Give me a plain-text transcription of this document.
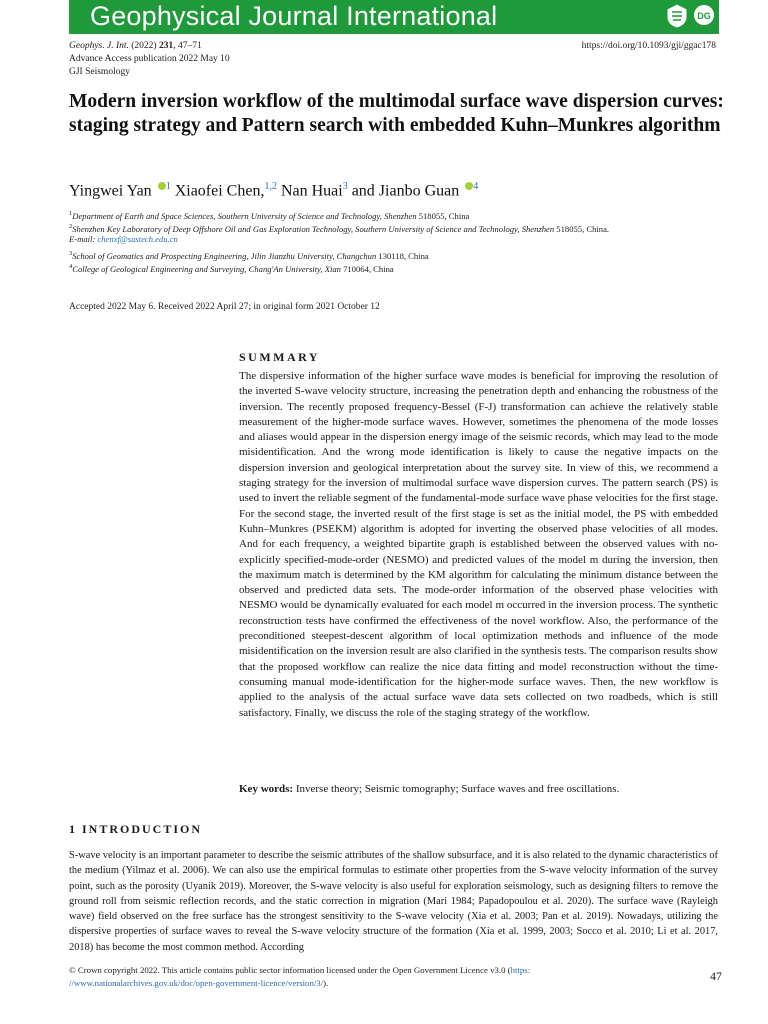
Geophysical Journal International	DG
Geophys. J. Int. (2022) 231, 47–71
Advance Access publication 2022 May 10
GJI Seismology
https://doi.org/10.1093/gji/ggac178
Modern inversion workflow of the multimodal surface wave dispersion curves: staging strategy and Pattern search with embedded Kuhn–Munkres algorithm
Yingwei Yan $^1$ Xiaofei Chen,$^{1,2}$ Nan Huai$^3$ and Jianbo Guan $^4$
$^1$Department of Earth and Space Sciences, Southern University of Science and Technology, Shenzhen 518055, China
$^2$Shenzhen Key Laboratory of Deep Offshore Oil and Gas Exploration Technology, Southern University of Science and Technology, Shenzhen 518055, China.
E-mail: chenxf@sustech.edu.cn
$^3$School of Geomatics and Prospecting Engineering, Jilin Jianzhu University, Changchun 130118, China
$^4$College of Geological Engineering and Surveying, Chang'An University, Xian 710064, China
Accepted 2022 May 6. Received 2022 April 27; in original form 2021 October 12
SUMMARY

The dispersive information of the higher surface wave modes is beneficial for improving the resolution of the inverted S-wave velocity structure, increasing the penetration depth and enhancing the robustness of the inversion. The recently proposed frequency-Bessel (F-J) transformation can achieve the relatively stable measurement of the higher-mode surface waves. However, sometimes the phenomena of the mode losses and aliases would appear in the dispersion energy image of the seismic records, which may lead to the mode misidentification. And the wrong mode identification is likely to cause the negative impacts on the dispersion inversion and geological interpretation about the survey site. In view of this, we recommend a staging strategy for the inversion of multimodal surface wave dispersion curves. The pattern search (PS) is used to invert the reliable segment of the fundamental-mode surface wave phase velocities for the first stage. For the second stage, the inverted result of the first stage is set as the initial model, the PS with embedded Kuhn–Munkres (PSEKM) algorithm is adopted for inverting the observed phase velocities of all modes. And for each frequency, a weighted bipartite graph is established between the observed values with no-explicitly specified-mode-order (NESMO) and predicted values of the model m during the inversion, then the maximum match is determined by the KM algorithm for calculating the minimum distance between the observed and predicted data sets. The mode-order information of the observed phase velocities with NESMO would be dynamically evaluated for each model m occurred in the inversion process. The synthetic reconstruction tests have confirmed the effectiveness of the novel workflow. Also, the performance of the preconditioned steepest-descent algorithm of local optimization methods and influence of the mode misidentification on the inversion result are also clarified in the synthesis tests. The comparison results show that the proposed workflow can realize the nice data fitting and model reconstruction without the time-consuming manual mode-identification for the higher-mode surface waves. Then, the new workflow is applied to the analysis of the actual surface wave data sets collected on two roadbeds, which is still satisfactory. Finally, we discuss the role of the staging strategy of the workflow.

Key words: Inverse theory; Seismic tomography; Surface waves and free oscillations.
1 INTRODUCTION

S-wave velocity is an important parameter to describe the seismic attributes of the shallow subsurface, and it is also related to the dynamic characteristics of the medium (Yilmaz et al. 2006). We can also use the empirical formulas to estimate other properties from the S-wave velocity information of the survey point, such as the porosity (Uyanik 2019). Moreover, the S-wave velocity is also useful for exploration seismology, such as designing filters to remove the ground roll from seismic reflection records, and the static correction in migration (Mari 1984; Papadopoulou et al. 2020). The surface wave (Rayleigh wave) field observed on the free surface has the strongest sensitivity to the S-wave velocity (Xia et al. 2003; Pan et al. 2019). Nowadays, utilizing the dispersive properties of surface waves to reveal the S-wave velocity structure of the formation (Xia et al. 1999, 2003; Socco et al. 2010; Li et al. 2017, 2018) has become the most common method. According

© Crown copyright 2022. This article contains public sector information licensed under the Open Government Licence v3.0 (https:
//www.nationalarchives.gov.uk/doc/open-government-licence/version/3/).	47
